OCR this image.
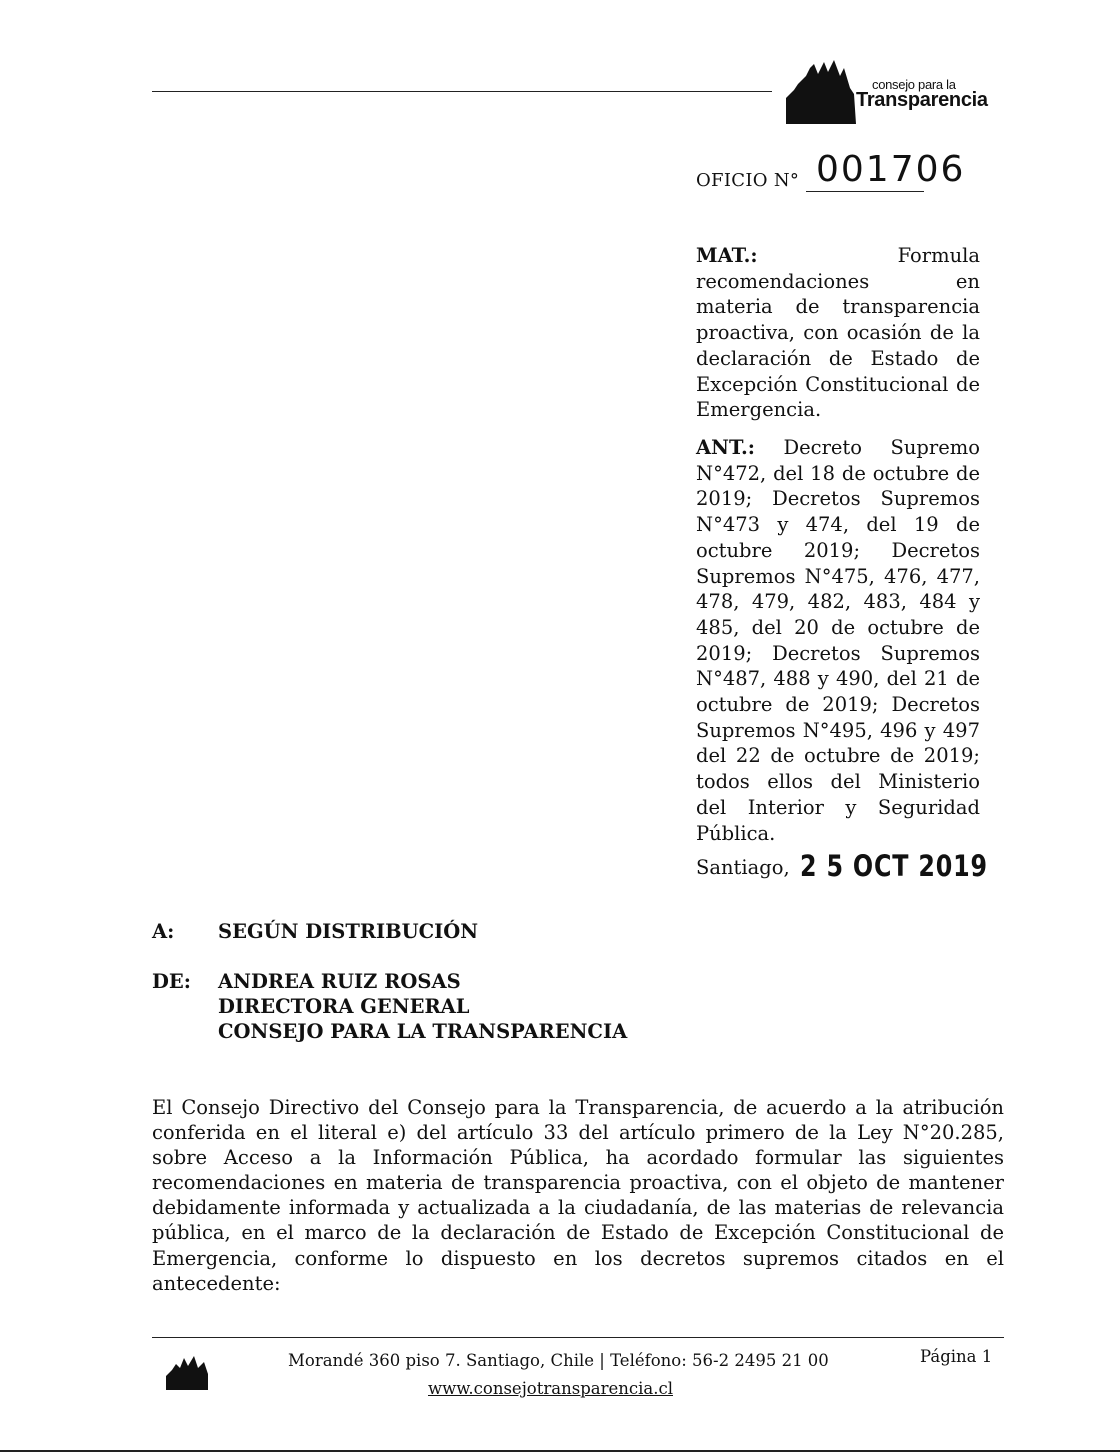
consejo para la
Transparencia
OFICIO N° 001706
MAT.:	Formula recomendaciones en materia de transparencia proactiva, con ocasión de la declaración de Estado de Excepción Constitucional de Emergencia.
ANT.: Decreto Supremo N°472, del 18 de octubre de 2019; Decretos Supremos N°473 y 474, del 19 de octubre 2019; Decretos Supremos N°475, 476, 477, 478, 479, 482, 483, 484 y 485, del 20 de octubre de 2019; Decretos Supremos N°487, 488 y 490, del 21 de octubre de 2019; Decretos Supremos N°495, 496 y 497 del 22 de octubre de 2019; todos ellos del Ministerio del Interior y Seguridad Pública.
Santiago, 2 5 OCT 2019
A: SEGÚN DISTRIBUCIÓN
DE: ANDREA RUIZ ROSAS
DIRECTORA GENERAL
CONSEJO PARA LA TRANSPARENCIA
El Consejo Directivo del Consejo para la Transparencia, de acuerdo a la atribución conferida en el literal e) del artículo 33 del artículo primero de la Ley N°20.285, sobre Acceso a la Información Pública, ha acordado formular las siguientes recomendaciones en materia de transparencia proactiva, con el objeto de mantener debidamente informada y actualizada a la ciudadanía, de las materias de relevancia pública, en el marco de la declaración de Estado de Excepción Constitucional de Emergencia, conforme lo dispuesto en los decretos supremos citados en el antecedente:
Morandé 360 piso 7. Santiago, Chile | Teléfono: 56-2 2495 21 00
www.consejotransparencia.cl
Página 1
